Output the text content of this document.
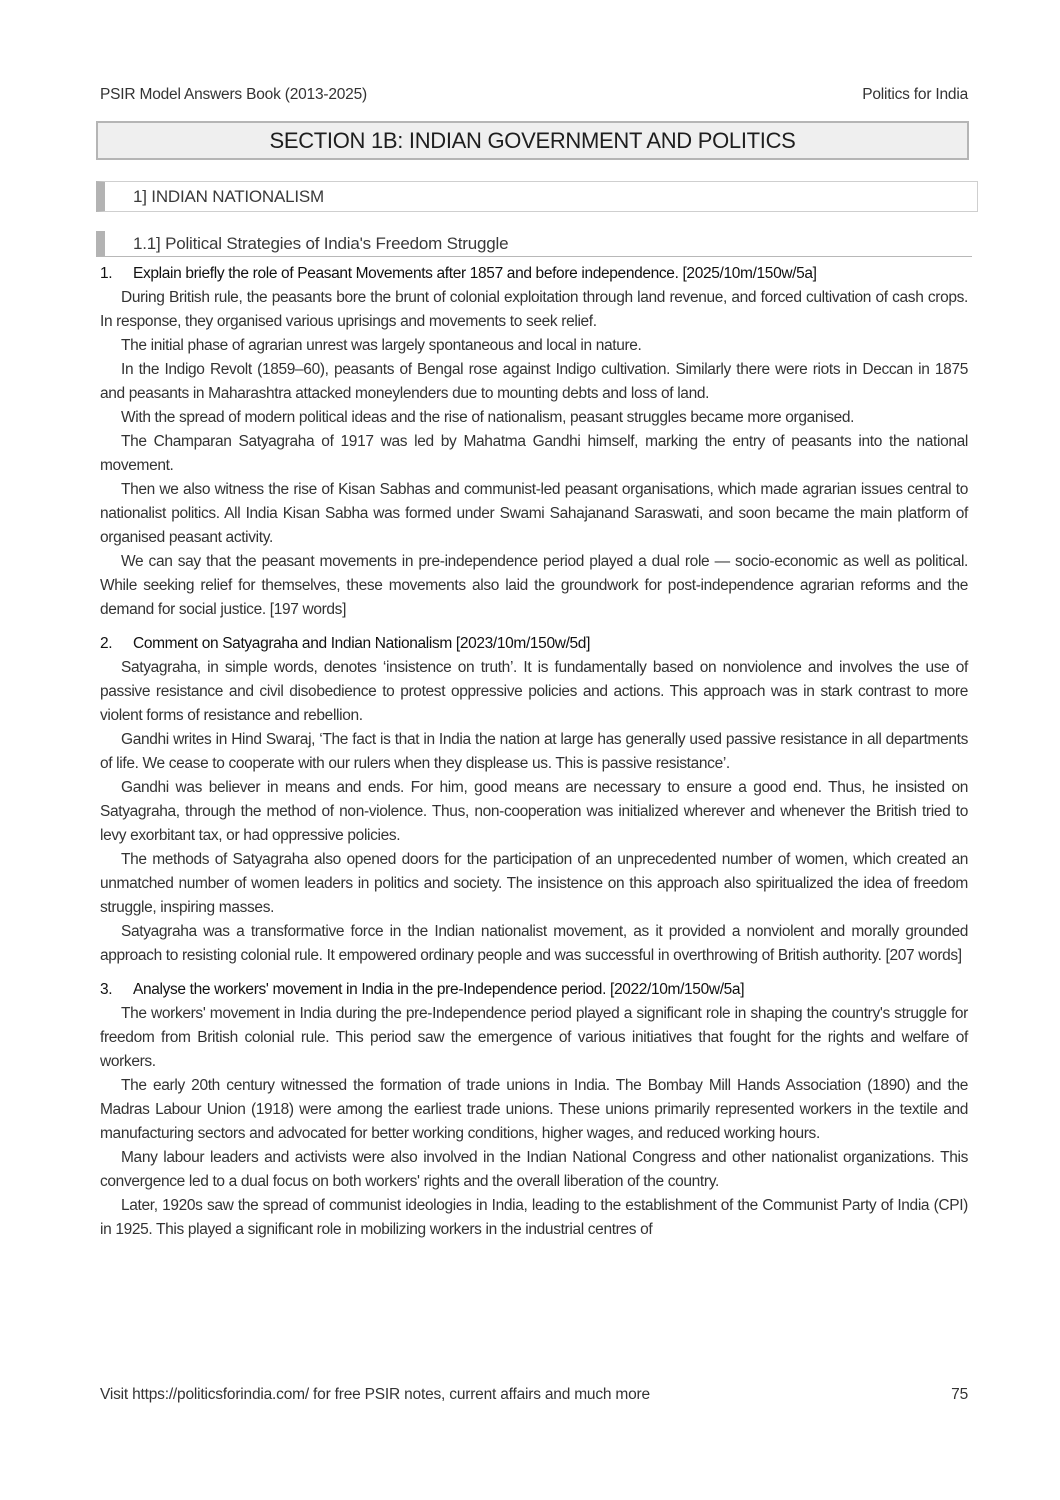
PSIR Model Answers Book (2013-2025)	Politics for India
SECTION 1B: INDIAN GOVERNMENT AND POLITICS
1] INDIAN NATIONALISM
1.1] Political Strategies of India's Freedom Struggle

1.	Explain briefly the role of Peasant Movements after 1857 and before independence. [2025/10m/150w/5a]

During British rule, the peasants bore the brunt of colonial exploitation through land revenue, and forced cultivation of cash crops. In response, they organised various uprisings and movements to seek relief.

The initial phase of agrarian unrest was largely spontaneous and local in nature.

In the Indigo Revolt (1859–60), peasants of Bengal rose against Indigo cultivation. Similarly there were riots in Deccan in 1875 and peasants in Maharashtra attacked moneylenders due to mounting debts and loss of land.

With the spread of modern political ideas and the rise of nationalism, peasant struggles became more organised.

The Champaran Satyagraha of 1917 was led by Mahatma Gandhi himself, marking the entry of peasants into the national movement.

Then we also witness the rise of Kisan Sabhas and communist-led peasant organisations, which made agrarian issues central to nationalist politics. All India Kisan Sabha was formed under Swami Sahajanand Saraswati, and soon became the main platform of organised peasant activity.

We can say that the peasant movements in pre-independence period played a dual role — socio-economic as well as political. While seeking relief for themselves, these movements also laid the groundwork for post-independence agrarian reforms and the demand for social justice. [197 words]

2.	Comment on Satyagraha and Indian Nationalism [2023/10m/150w/5d]

Satyagraha, in simple words, denotes ‘insistence on truth’. It is fundamentally based on nonviolence and involves the use of passive resistance and civil disobedience to protest oppressive policies and actions. This approach was in stark contrast to more violent forms of resistance and rebellion.

Gandhi writes in Hind Swaraj, ‘The fact is that in India the nation at large has generally used passive resistance in all departments of life. We cease to cooperate with our rulers when they displease us. This is passive resistance’.

Gandhi was believer in means and ends. For him, good means are necessary to ensure a good end. Thus, he insisted on Satyagraha, through the method of non-violence. Thus, non-cooperation was initialized wherever and whenever the British tried to levy exorbitant tax, or had oppressive policies.

The methods of Satyagraha also opened doors for the participation of an unprecedented number of women, which created an unmatched number of women leaders in politics and society. The insistence on this approach also spiritualized the idea of freedom struggle, inspiring masses.

Satyagraha was a transformative force in the Indian nationalist movement, as it provided a nonviolent and morally grounded approach to resisting colonial rule. It empowered ordinary people and was successful in overthrowing of British authority. [207 words]

3.	Analyse the workers' movement in India in the pre-Independence period. [2022/10m/150w/5a]

The workers' movement in India during the pre-Independence period played a significant role in shaping the country's struggle for freedom from British colonial rule. This period saw the emergence of various initiatives that fought for the rights and welfare of workers.

The early 20th century witnessed the formation of trade unions in India. The Bombay Mill Hands Association (1890) and the Madras Labour Union (1918) were among the earliest trade unions. These unions primarily represented workers in the textile and manufacturing sectors and advocated for better working conditions, higher wages, and reduced working hours.

Many labour leaders and activists were also involved in the Indian National Congress and other nationalist organizations. This convergence led to a dual focus on both workers' rights and the overall liberation of the country.

Later, 1920s saw the spread of communist ideologies in India, leading to the establishment of the Communist Party of India (CPI) in 1925. This played a significant role in mobilizing workers in the industrial centres of

Visit https://politicsforindia.com/ for free PSIR notes, current affairs and much more	75
